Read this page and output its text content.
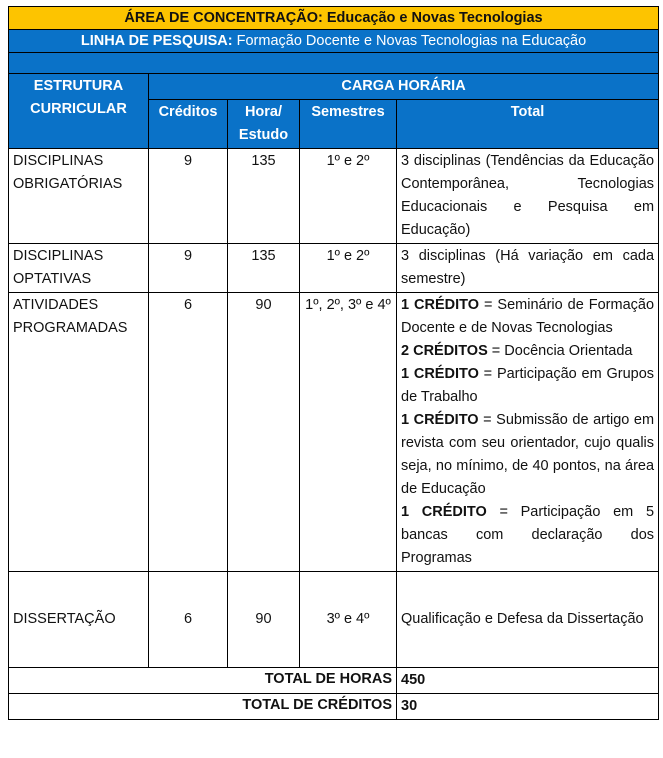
ÁREA DE CONCENTRAÇÃO: Educação e Novas Tecnologias				
LINHA DE PESQUISA: Formação Docente e Novas Tecnologias na Educação				

ESTRUTURA CURRICULAR	CARGA HORÁRIA			
	Créditos	Hora/ Estudo	Semestres	Total
DISCIPLINAS OBRIGATÓRIAS	9	135	1º e 2º	3 disciplinas (Tendências da Educação Contemporânea, Tecnologias Educacionais e Pesquisa em Educação)
DISCIPLINAS OPTATIVAS	9	135	1º e 2º	3 disciplinas (Há variação em cada semestre)
ATIVIDADES PROGRAMADAS	6	90	1º, 2º, 3º e 4º	1 CRÉDITO = Seminário de Formação Docente e de Novas Tecnologias
2 CRÉDITOS = Docência Orientada
1 CRÉDITO = Participação em Grupos de Trabalho
1 CRÉDITO = Submissão de artigo em revista com seu orientador, cujo qualis seja, no mínimo, de 40 pontos, na área de Educação
1 CRÉDITO = Participação em 5 bancas com declaração dos Programas

DISSERTAÇÃO	6	90	3º e 4º	Qualificação e Defesa da Dissertação
TOTAL DE HORAS				450
TOTAL DE CRÉDITOS				30
